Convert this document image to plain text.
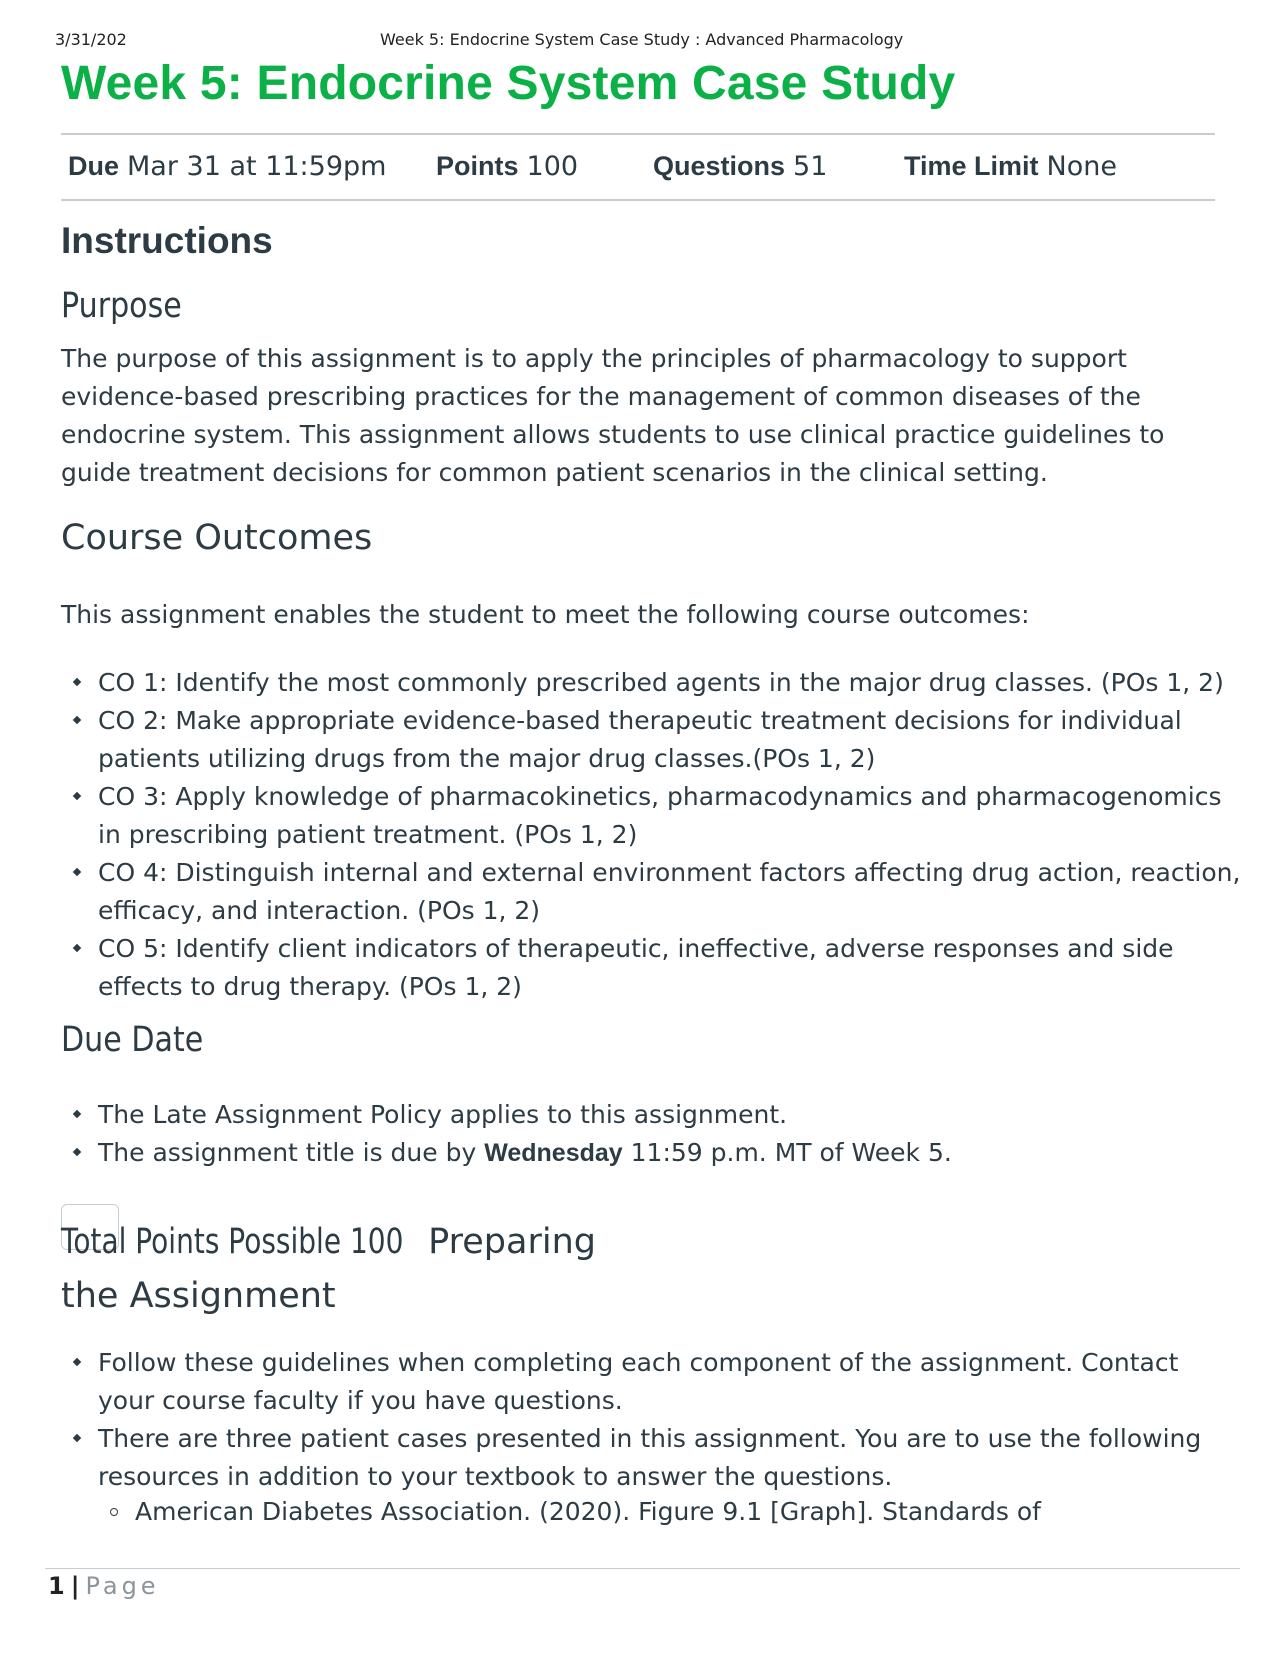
3/31/202	Week 5: Endocrine System Case Study : Advanced Pharmacology
Week 5: Endocrine System Case Study
Due Mar 31 at 11:59pm Points 100	Questions 51	Time Limit None
Instructions
Purpose

The purpose of this assignment is to apply the principles of pharmacology to support evidence-based prescribing practices for the management of common diseases of the endocrine system. This assignment allows students to use clinical practice guidelines to guide treatment decisions for common patient scenarios in the clinical setting.

Course Outcomes

This assignment enables the student to meet the following course outcomes:

CO 1: Identify the most commonly prescribed agents in the major drug classes. (POs 1, 2)
CO 2: Make appropriate evidence-based therapeutic treatment decisions for individual patients utilizing drugs from the major drug classes.(POs 1, 2)
CO 3: Apply knowledge of pharmacokinetics, pharmacodynamics and pharmacogenomics in prescribing patient treatment. (POs 1, 2)
CO 4: Distinguish internal and external environment factors affecting drug action, reaction, efficacy, and interaction. (POs 1, 2)
CO 5: Identify client indicators of therapeutic, ineffective, adverse responses and side effects to drug therapy. (POs 1, 2)
Due Date
The Late Assignment Policy applies to this assignment.
The assignment title is due by Wednesday 11:59 p.m. MT of Week 5.
Total Points Possible 100 Preparing the Assignment
Follow these guidelines when completing each component of the assignment. Contact your course faculty if you have questions.
There are three patient cases presented in this assignment. You are to use the following resources in addition to your textbook to answer the questions.
American Diabetes Association. (2020). Figure 9.1 [Graph]. Standards of
1 | Page
